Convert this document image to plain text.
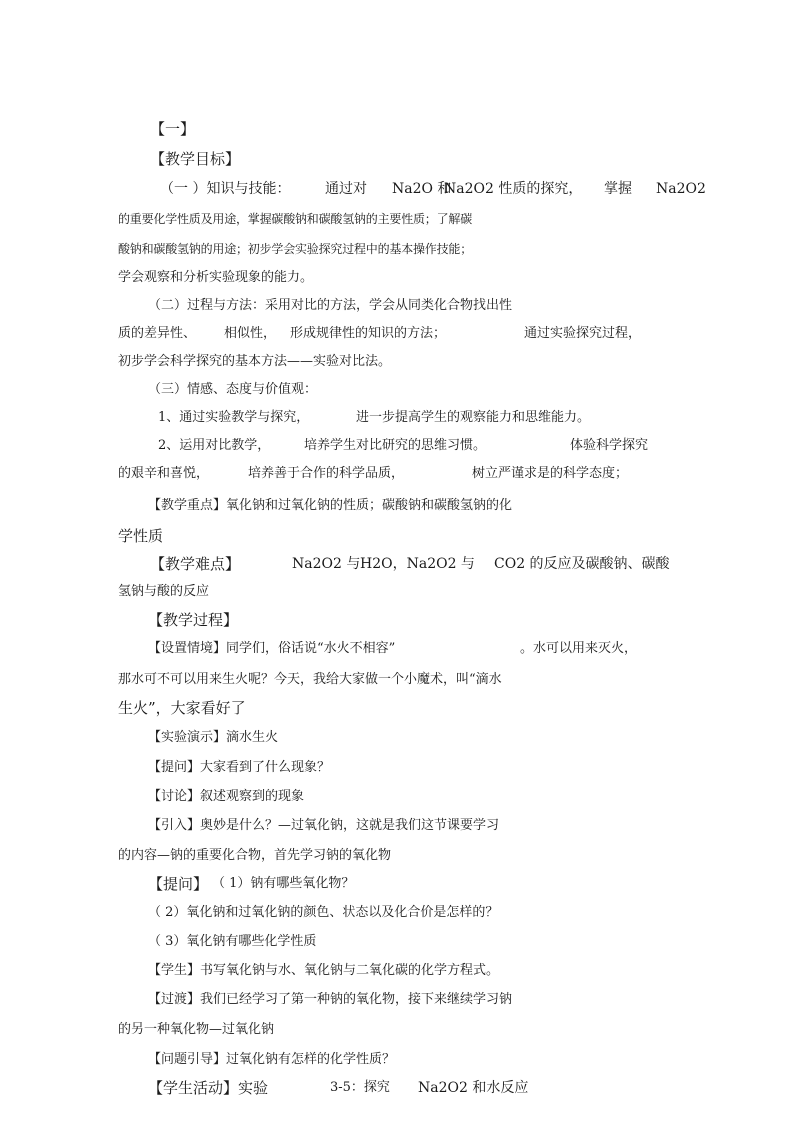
【一】
【教学目标】
（一 ）知识与技能： 通过对 Na2O 和
Na2O2 性质的探究， 掌握 Na2O2
的重要化学性质及用途，掌握碳酸钠和碳酸氢钠的主要性质；了解碳
酸钠和碳酸氢钠的用途；初步学会实验探究过程中的基本操作技能；
学会观察和分析实验现象的能力。
（二）过程与方法：采用对比的方法，学会从同类化合物找出性
质的差异性、 相似性， 形成规律性的知识的方法；	通过实验探究过程，
初步学会科学探究的基本方法——实验对比法。
（三）情感、态度与价值观：
1、通过实验教学与探究，	进一步提高学生的观察能力和思维能力。
2、运用对比教学，	培养学生对比研究的思维习惯。	体验科学探究
的艰辛和喜悦，	培养善于合作的科学品质，	树立严谨求是的科学态度；
【教学重点】氧化钠和过氧化钠的性质；碳酸钠和碳酸氢钠的化
学性质
【教学难点】	Na2O2 与 H2O，Na2O2 与 CO2 的反应及碳酸钠、碳酸
氢钠与酸的反应
【教学过程】
【设置情境】同学们，俗话说“水火不相容”	。水可以用来灭火，
那水可不可以用来生火呢？今天，我给大家做一个小魔术，叫“滴水
生火”，大家看好了
【实验演示】滴水生火
【提问】大家看到了什么现象？
【讨论】叙述观察到的现象
【引入】奥妙是什么？—过氧化钠，这就是我们这节课要学习
的内容—钠的重要化合物，首先学习钠的氧化物
【提问】 （ 1）钠有哪些氧化物？
（ 2）氧化钠和过氧化钠的颜色、状态以及化合价是怎样的？
（ 3）氧化钠有哪些化学性质
【学生】书写氧化钠与水、氧化钠与二氧化碳的化学方程式。
【过渡】我们已经学习了第一种钠的氧化物，接下来继续学习钠
的另一种氧化物—过氧化钠
【问题引导】过氧化钠有怎样的化学性质？
【学生活动】实验	3-5：探究 Na2O2 和水反应
